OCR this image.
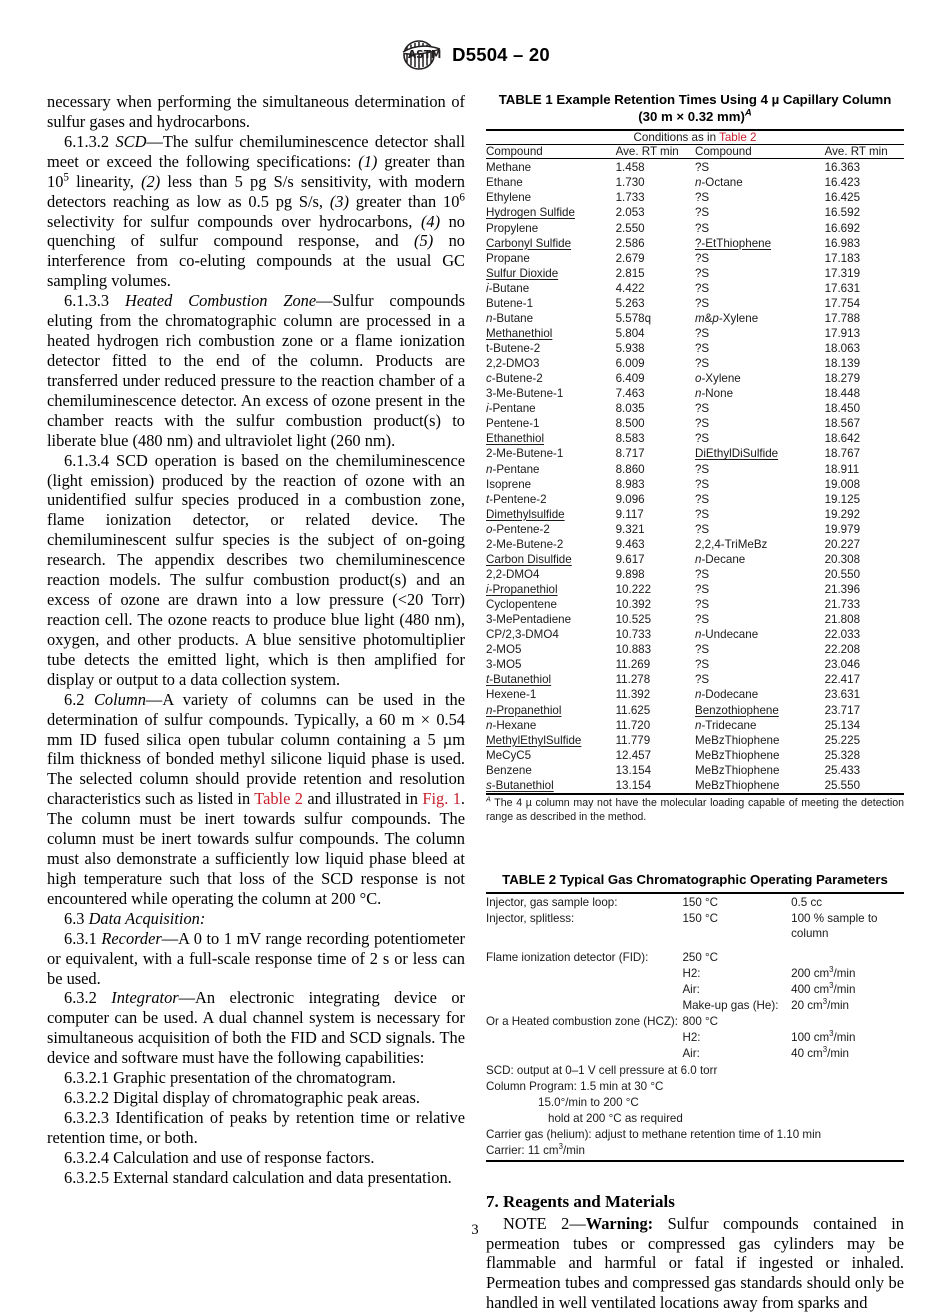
ASTM D5504 – 20

necessary when performing the simultaneous determination of sulfur gases and hydrocarbons.

6.1.3.2 SCD—The sulfur chemiluminescence detector shall meet or exceed the following specifications: (1) greater than $10^5$ linearity, (2) less than 5 pg S/s sensitivity, with modern detectors reaching as low as 0.5 pg S/s, (3) greater than $10^6$ selectivity for sulfur compounds over hydrocarbons, (4) no quenching of sulfur compound response, and (5) no interference from co-eluting compounds at the usual GC sampling volumes.

6.1.3.3 Heated Combustion Zone—Sulfur compounds eluting from the chromatographic column are processed in a heated hydrogen rich combustion zone or a flame ionization detector fitted to the end of the column. Products are transferred under reduced pressure to the reaction chamber of a chemiluminescence detector. An excess of ozone present in the chamber reacts with the sulfur combustion product(s) to liberate blue (480 nm) and ultraviolet light (260 nm).

6.1.3.4 SCD operation is based on the chemiluminescence (light emission) produced by the reaction of ozone with an unidentified sulfur species produced in a combustion zone, flame ionization detector, or related device. The chemiluminescent sulfur species is the subject of on-going research. The appendix describes two chemiluminescence reaction models. The sulfur combustion product(s) and an excess of ozone are drawn into a low pressure (<20 Torr) reaction cell. The ozone reacts to produce blue light (480 nm), oxygen, and other products. A blue sensitive photomultiplier tube detects the emitted light, which is then amplified for display or output to a data collection system.

6.2 Column—A variety of columns can be used in the determination of sulfur compounds. Typically, a 60 m × 0.54 mm ID fused silica open tubular column containing a 5 µm film thickness of bonded methyl silicone liquid phase is used. The selected column should provide retention and resolution characteristics such as listed in Table 2 and illustrated in Fig. 1. The column must be inert towards sulfur compounds. The column must be inert towards sulfur compounds. The column must also demonstrate a sufficiently low liquid phase bleed at high temperature such that loss of the SCD response is not encountered while operating the column at 200 °C.

6.3 Data Acquisition:

6.3.1 Recorder—A 0 to 1 mV range recording potentiometer or equivalent, with a full-scale response time of 2 s or less can be used.

6.3.2 Integrator—An electronic integrating device or computer can be used. A dual channel system is necessary for simultaneous acquisition of both the FID and SCD signals. The device and software must have the following capabilities:

6.3.2.1 Graphic presentation of the chromatogram.

6.3.2.2 Digital display of chromatographic peak areas.

6.3.2.3 Identification of peaks by retention time or relative retention time, or both.

6.3.2.4 Calculation and use of response factors.

6.3.2.5 External standard calculation and data presentation.

TABLE 1 Example Retention Times Using 4 µ Capillary Column
(30 m × 0.32 mm)$^A$
Conditions as in Table 2			
Compound	Ave. RT min	Compound	Ave. RT min

Methane	1.458	?S	16.363
Ethane	1.730	n-Octane	16.423
Ethylene	1.733	?S	16.425
Hydrogen Sulfide	2.053	?S	16.592
Propylene	2.550	?S	16.692
Carbonyl Sulfide	2.586	?-EtThiophene	16.983
Propane	2.679	?S	17.183
Sulfur Dioxide	2.815	?S	17.319
i-Butane	4.422	?S	17.631
Butene-1	5.263	?S	17.754
n-Butane	5.578q	m&p-Xylene	17.788
Methanethiol	5.804	?S	17.913
t-Butene-2	5.938	?S	18.063
2,2-DMO3	6.009	?S	18.139
c-Butene-2	6.409	o-Xylene	18.279
3-Me-Butene-1	7.463	n-None	18.448
i-Pentane	8.035	?S	18.450
Pentene-1	8.500	?S	18.567
Ethanethiol	8.583	?S	18.642
2-Me-Butene-1	8.717	DiEthylDiSulfide	18.767
n-Pentane	8.860	?S	18.911
Isoprene	8.983	?S	19.008
t-Pentene-2	9.096	?S	19.125
Dimethylsulfide	9.117	?S	19.292
o-Pentene-2	9.321	?S	19.979
2-Me-Butene-2	9.463	2,2,4-TriMeBz	20.227
Carbon Disulfide	9.617	n-Decane	20.308
2,2-DMO4	9.898	?S	20.550
i-Propanethiol	10.222	?S	21.396
Cyclopentene	10.392	?S	21.733
3-MePentadiene	10.525	?S	21.808
CP/2,3-DMO4	10.733	n-Undecane	22.033
2-MO5	10.883	?S	22.208
3-MO5	11.269	?S	23.046
t-Butanethiol	11.278	?S	22.417
Hexene-1	11.392	n-Dodecane	23.631
n-Propanethiol	11.625	Benzothiophene	23.717
n-Hexane	11.720	n-Tridecane	25.134
MethylEthylSulfide	11.779	MeBzThiophene	25.225
MeCyC5	12.457	MeBzThiophene	25.328
Benzene	13.154	MeBzThiophene	25.433
s-Butanethiol	13.154	MeBzThiophene	25.550
$^A$ The 4 µ column may not have the molecular loading capable of meeting the detection range as described in the method.
TABLE 2 Typical Gas Chromatographic Operating Parameters
Injector, gas sample loop:	150 °C	0.5 cc
Injector, splitless:	150 °C	100 % sample to column

Flame ionization detector (FID):	250 °C	
	H2:	200 $cm^3/\min$
	Air:	400 $cm^3/\min$
	Make-up gas (He):	20 $cm^3/\min$
Or a Heated combustion zone (HCZ):	800 °C	
	H2:	100 $cm^3/\min$
	Air:	40 $cm^3/\min$
SCD: output at 0–1 V cell pressure at 6.0 torr		
Column Program: 1.5 min at 30 °C		
15.0°/min to 200 °C		
hold at 200 °C as required		
Carrier gas (helium): adjust to methane retention time of 1.10 min		
Carrier: 11 $cm^3/\min$		
7. Reagents and Materials

NOTE 2—Warning: Sulfur compounds contained in permeation tubes or compressed gas cylinders may be flammable and harmful or fatal if ingested or inhaled. Permeation tubes and compressed gas standards should only be handled in well ventilated locations away from sparks and

3
